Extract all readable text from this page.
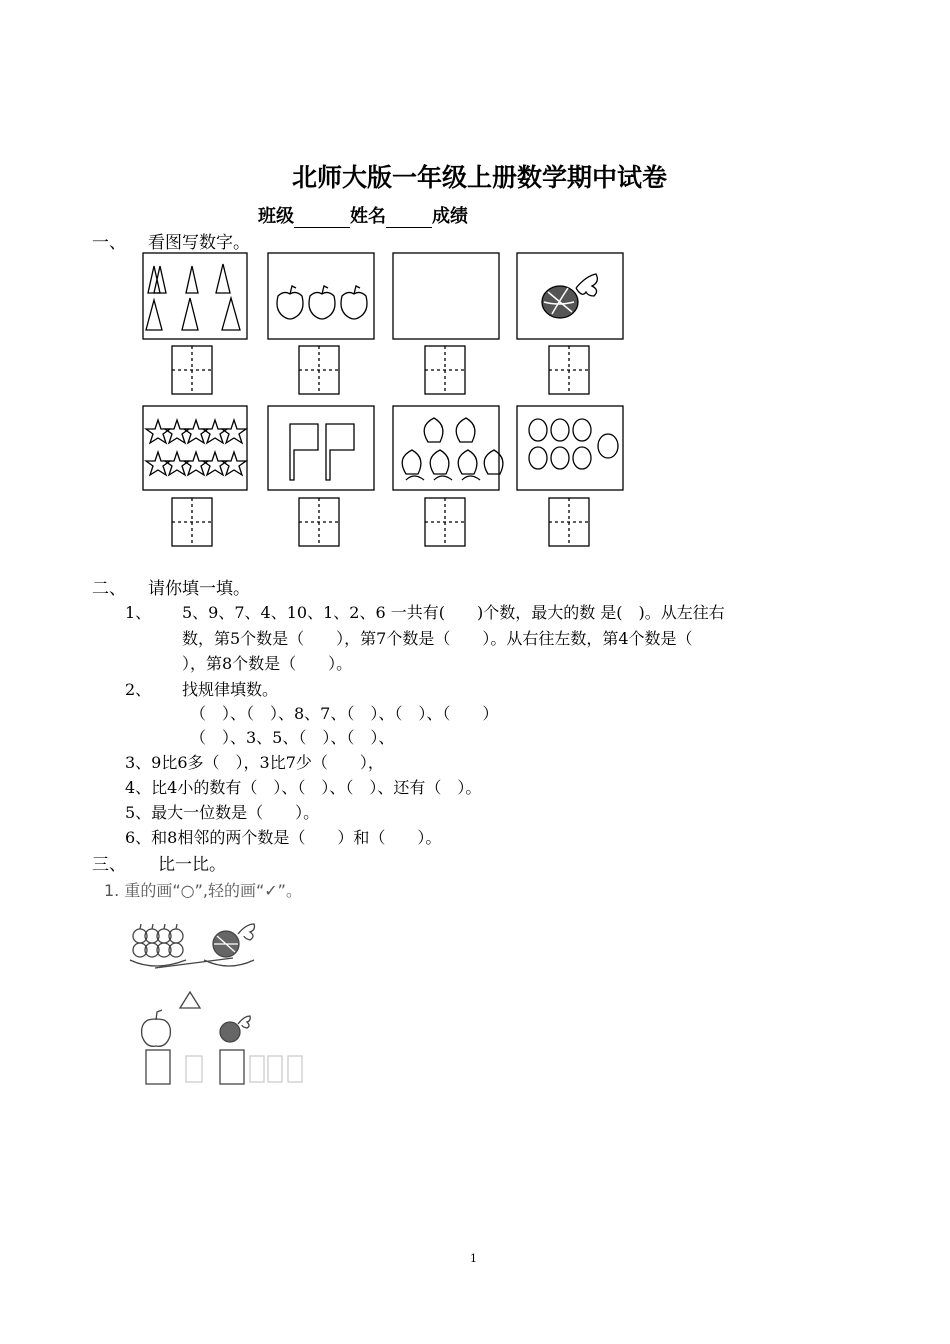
北师大版一年级上册数学期中试卷
班级	姓名	成绩
一、 看图写数字。
二、 请你填一填。
1、 5、9、7、4、10、1、2、6 一共有(　　)个数，最大的数 是(　)。从左往右
数，第5个数是（　　），第7个数是（　　）。从右往左数，第4个数是（
），第8个数是（　　）。
2、 找规律填数。
（　）、（　）、8、7、（　）、（　）、（　　）
（　）、3、5、（　）、（　）、
3、9比6多（　），3比7少（　　），
4、比4小的数有（　）、（　）、（　）、还有（　）。
5、最大一位数是（　　）。
6、和8相邻的两个数是（　　）和（　　）。
三、 比一比。
1. 重的画“○”,轻的画“✓”。
1
